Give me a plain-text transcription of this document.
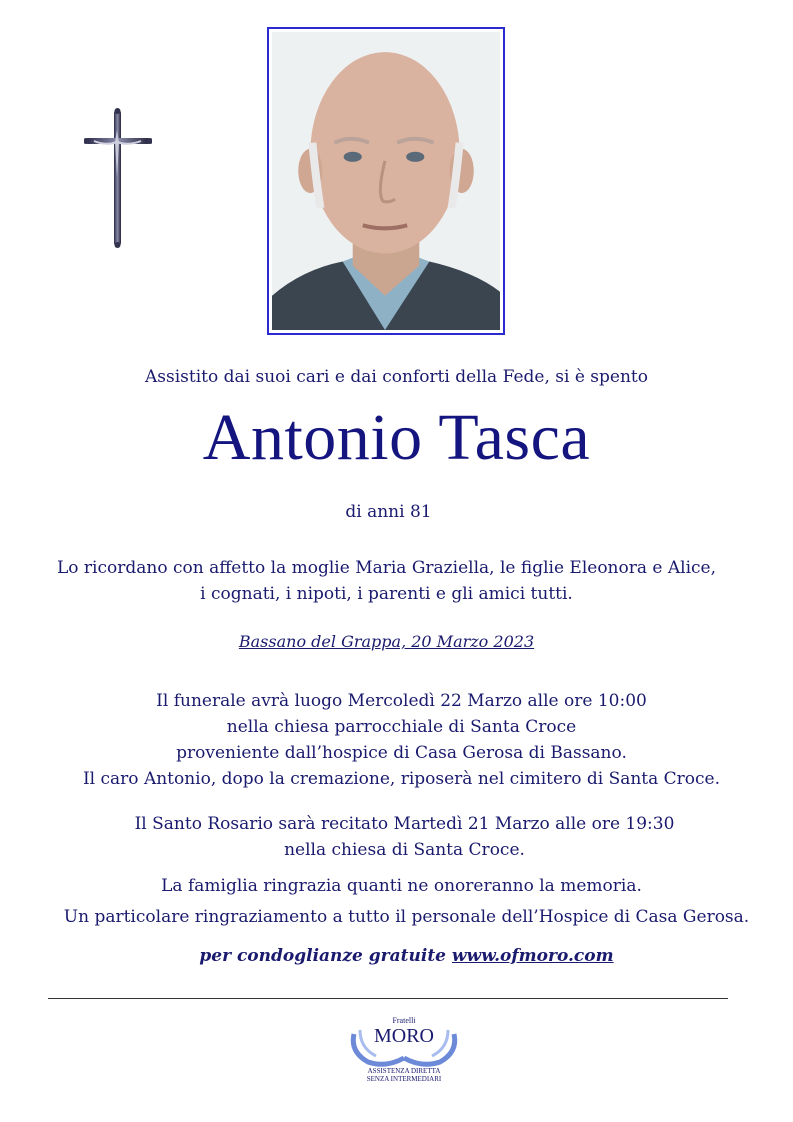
Assistito dai suoi cari e dai conforti della Fede, si è spento
Antonio Tasca
di anni 81
Lo ricordano con affetto la moglie Maria Graziella, le figlie Eleonora e Alice,
i cognati, i nipoti, i parenti e gli amici tutti.
Bassano del Grappa, 20 Marzo 2023
Il funerale avrà luogo Mercoledì 22 Marzo alle ore 10:00
nella chiesa parrocchiale di Santa Croce
proveniente dall’hospice di Casa Gerosa di Bassano.
Il caro Antonio, dopo la cremazione, riposerà nel cimitero di Santa Croce.
Il Santo Rosario sarà recitato Martedì 21 Marzo alle ore 19:30
nella chiesa di Santa Croce.
La famiglia ringrazia quanti ne onoreranno la memoria.
Un particolare ringraziamento a tutto il personale dell’Hospice di Casa Gerosa.
per condoglianze gratuite www.ofmoro.com
Fratelli
MORO
ASSISTENZA DIRETTA
SENZA INTERMEDIARI
